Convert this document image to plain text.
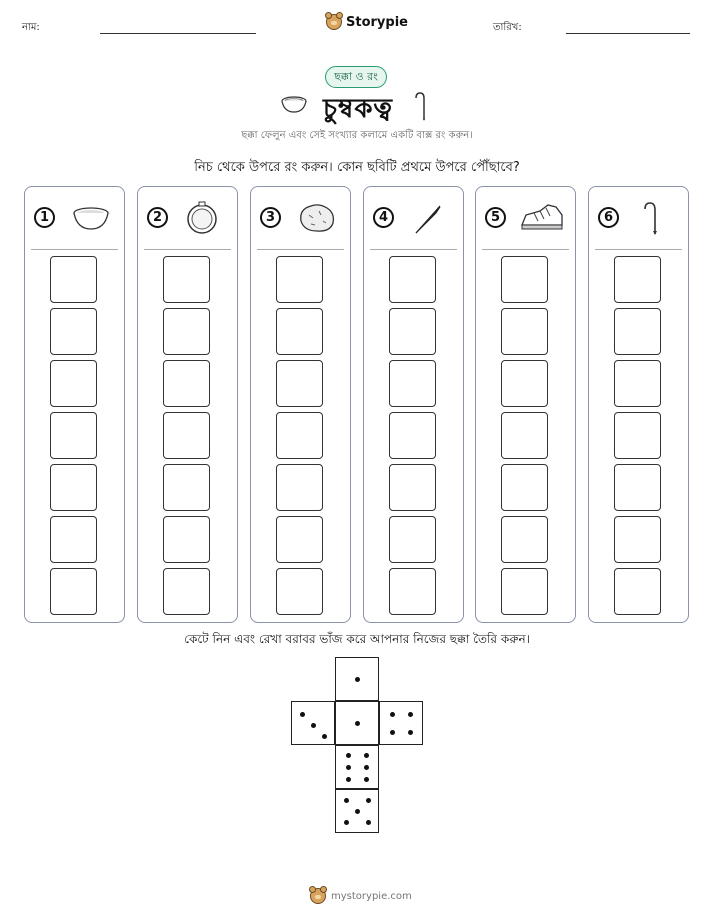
নাম:	Storypie	তারিখ:
ছক্কা ও রং
চুম্বকত্ব
ছক্কা ফেলুন এবং সেই সংখ্যার কলামে একটি বাক্স রং করুন।
নিচ থেকে উপরে রং করুন। কোন ছবিটি প্রথমে উপরে পৌঁছাবে?
1	2	3	4	5	6
কেটে নিন এবং রেখা বরাবর ভাঁজ করে আপনার নিজের ছক্কা তৈরি করুন।
mystorypie.com
